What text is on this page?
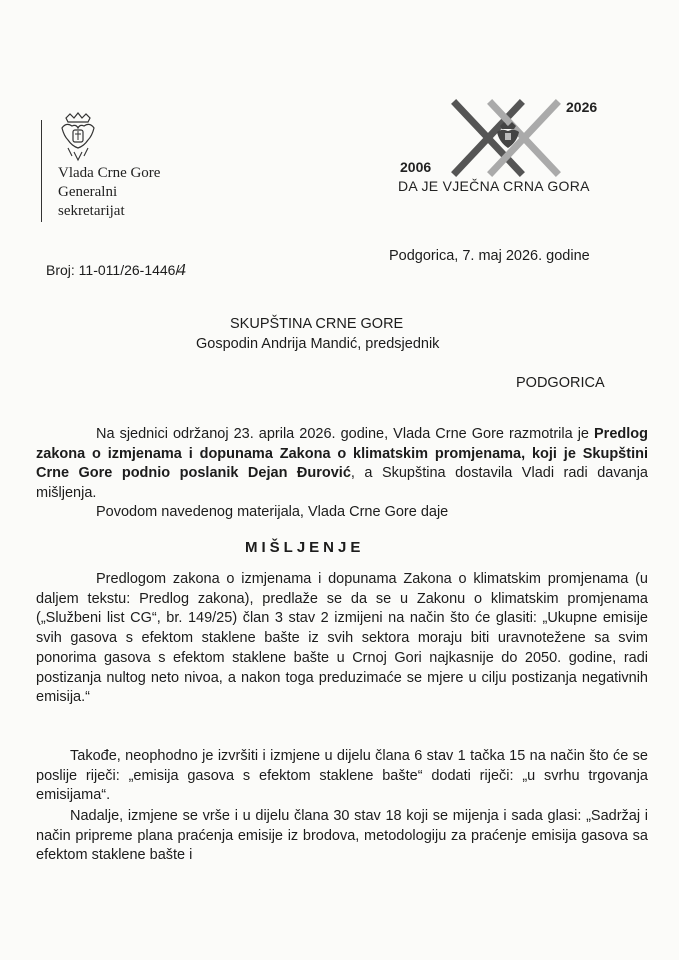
Vlada Crne Gore
Generalni
sekretarijat
2006
2026
DA JE VJEČNA CRNA GORA
Broj: 11-011/26-1446/4
Podgorica, 7. maj 2026. godine
SKUPŠTINA CRNE GORE
Gospodin Andrija Mandić, predsjednik
PODGORICA
Na sjednici održanoj 23. aprila 2026. godine, Vlada Crne Gore razmotrila je Predlog zakona o izmjenama i dopunama Zakona o klimatskim promjenama, koji je Skupštini Crne Gore podnio poslanik Dejan Đurović, a Skupština dostavila Vladi radi davanja mišljenja.
Povodom navedenog materijala, Vlada Crne Gore daje
MIŠLJENJE
Predlogom zakona o izmjenama i dopunama Zakona o klimatskim promjenama (u daljem tekstu: Predlog zakona), predlaže se da se u Zakonu o klimatskim promjenama („Službeni list CG“, br. 149/25) član 3 stav 2 izmijeni na način što će glasiti: „Ukupne emisije svih gasova s efektom staklene bašte iz svih sektora moraju biti uravnotežene sa svim ponorima gasova s efektom staklene bašte u Crnoj Gori najkasnije do 2050. godine, radi postizanja nultog neto nivoa, a nakon toga preduzimaće se mjere u cilju postizanja negativnih emisija.“
Takođe, neophodno je izvršiti i izmjene u dijelu člana 6 stav 1 tačka 15 na način što će se poslije riječi: „emisija gasova s efektom staklene bašte“ dodati riječi: „u svrhu trgovanja emisijama“.
Nadalje, izmjene se vrše i u dijelu člana 30 stav 18 koji se mijenja i sada glasi: „Sadržaj i način pripreme plana praćenja emisije iz brodova, metodologiju za praćenje emisija gasova sa efektom staklene bašte i
